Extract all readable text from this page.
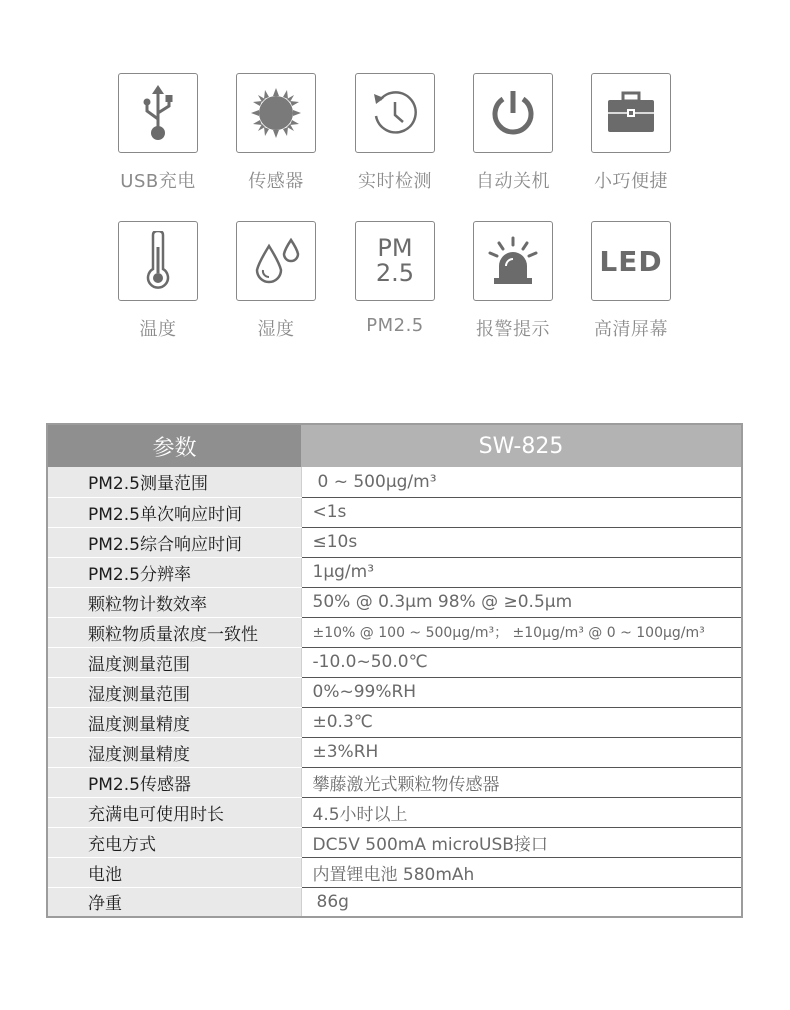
USB充电	传感器	实时检测	自动关机	小巧便捷
温度	湿度
PM
2.5
PM2.5	报警提示
LED
高清屏幕
参数	SW-825
PM2.5测量范围	0 ~ 500μg/m³
PM2.5单次响应时间	<1s
PM2.5综合响应时间	≤10s
PM2.5分辨率	1μg/m³
颗粒物计数效率	50% @ 0.3μm 98% @ ≥0.5μm
颗粒物质量浓度一致性	±10% @ 100 ~ 500μg/m³； ±10μg/m³ @ 0 ~ 100μg/m³
温度测量范围	-10.0~50.0℃
湿度测量范围	0%~99%RH
温度测量精度	±0.3℃
湿度测量精度	±3%RH
PM2.5传感器	攀藤激光式颗粒物传感器
充满电可使用时长	4.5小时以上
充电方式	DC5V 500mA microUSB接口
电池	内置锂电池 580mAh
净重	86g
